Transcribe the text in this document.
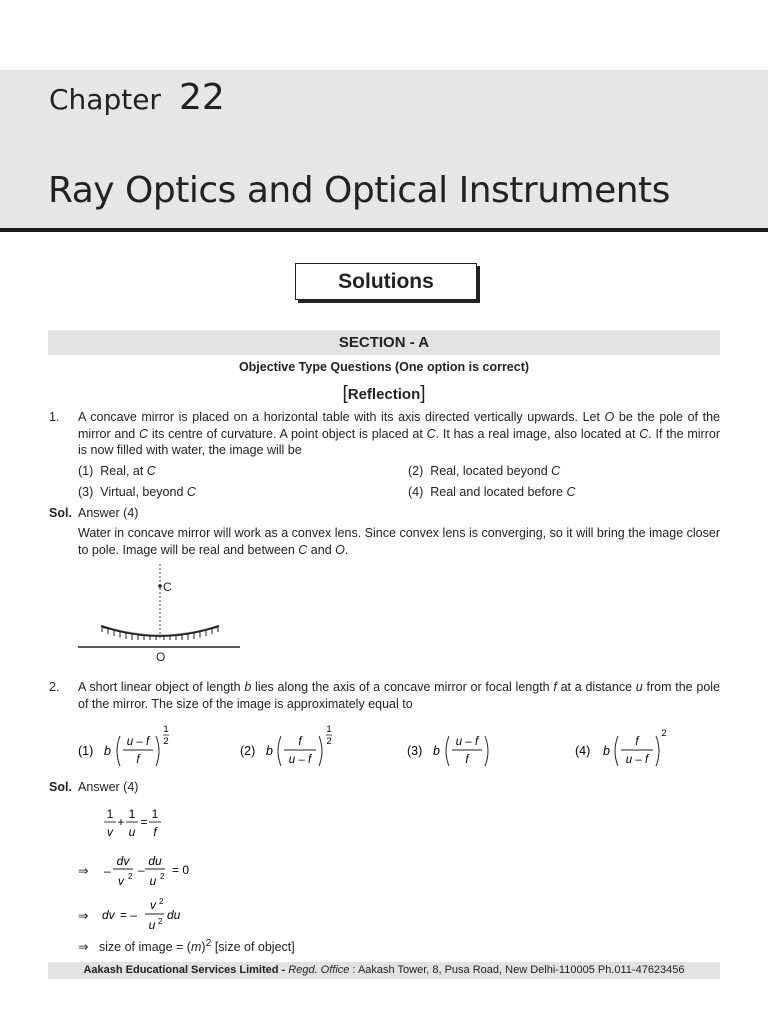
Chapter 22
Ray Optics and Optical Instruments
Solutions
SECTION - A
Objective Type Questions (One option is correct)
[Reflection]
1. A concave mirror is placed on a horizontal table with its axis directed vertically upwards. Let O be the pole of the mirror and C its centre of curvature. A point object is placed at C. It has a real image, also located at C. If the mirror is now filled with water, the image will be
(1) Real, at C	(2) Real, located beyond C
(3) Virtual, beyond C	(4) Real and located before C
Sol. Answer (4)
Water in concave mirror will work as a convex lens. Since convex lens is converging, so it will bring the image closer to pole. Image will be real and between C and O.
C
O
2. A short linear object of length b lies along the axis of a concave mirror or focal length f at a distance u from the pole of the mirror. The size of the image is approximately equal to
(1) b
u – f
f
1
2
(2) b
f
u – f
1
2
(3) b
u – f
f
(4) b
f
u – f
2
Sol. Answer (4)
1
v
+
1
u
=
1
f
⇒ –
dv
v 2 –
du
u 2 = 0
⇒ dv = –
v 2
u 2 du
⇒ size of image = $(m)^2$ [size of object]
Aakash Educational Services Limited - Regd. Office : Aakash Tower, 8, Pusa Road, New Delhi-110005 Ph.011-47623456
